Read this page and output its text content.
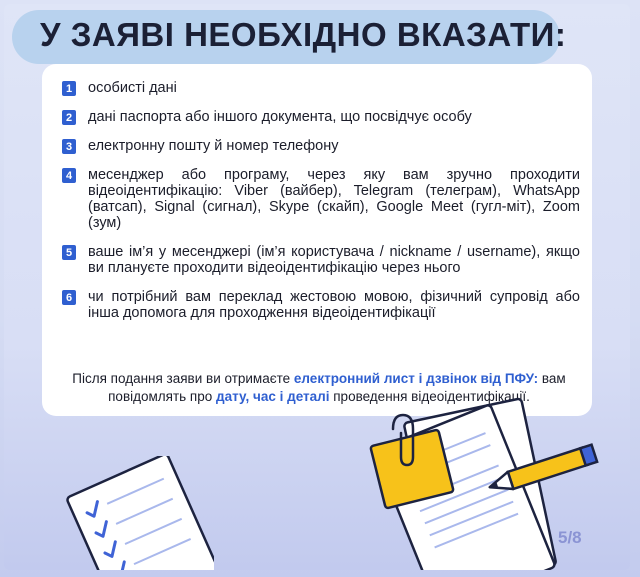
У ЗАЯВІ НЕОБХІДНО ВКАЗАТИ:
1 особисті дані
2 дані паспорта або іншого документа, що посвідчує особу
3 електронну пошту й номер телефону
4 месенджер або програму, через яку вам зручно проходити відеоідентифікацію: Viber (вайбер), Telegram (телеграм), WhatsApp (ватсап), Signal (сигнал), Skype (скайп), Google Meet (гугл-міт), Zoom (зум)
5 ваше ім’я у месенджері (ім’я користувача / nickname / username), якщо ви плануєте проходити відеоідентифікацію через нього
6 чи потрібний вам переклад жестовою мовою, фізичний супровід або інша допомога для проходження відеоідентифікації

Після подання заяви ви отримаєте електронний лист і дзвінок від ПФУ: вам повідомлять про дату, час і деталі проведення відеоідентифікації.

5/8
